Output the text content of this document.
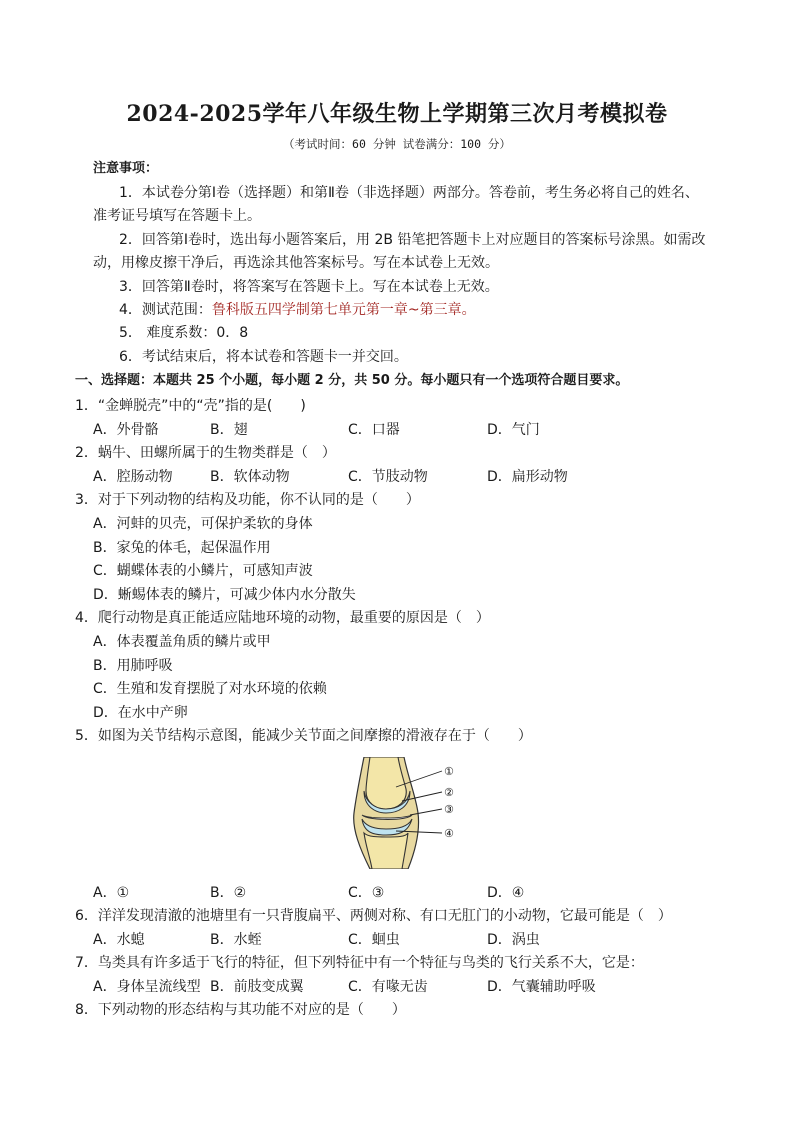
2024-2025学年八年级生物上学期第三次月考模拟卷
（考试时间：60 分钟 试卷满分：100 分）
注意事项：
1．本试卷分第Ⅰ卷（选择题）和第Ⅱ卷（非选择题）两部分。答卷前，考生务必将自己的姓名、
准考证号填写在答题卡上。
2．回答第Ⅰ卷时，选出每小题答案后，用 2B 铅笔把答题卡上对应题目的答案标号涂黑。如需改
动，用橡皮擦干净后，再选涂其他答案标号。写在本试卷上无效。
3．回答第Ⅱ卷时，将答案写在答题卡上。写在本试卷上无效。
4．测试范围：鲁科版五四学制第七单元第一章~第三章。
5． 难度系数：0．8
6．考试结束后，将本试卷和答题卡一并交回。
一、选择题：本题共 25 个小题，每小题 2 分，共 50 分。每小题只有一个选项符合题目要求。
1．“金蝉脱壳”中的“壳”指的是(　　)
A．外骨骼	B．翅	C．口器	D．气门
2．蜗牛、田螺所属于的生物类群是（　）
A．腔肠动物	B．软体动物	C．节肢动物	D．扁形动物
3．对于下列动物的结构及功能，你不认同的是（　　）
A．河蚌的贝壳，可保护柔软的身体
B．家兔的体毛，起保温作用
C．蝴蝶体表的小鳞片，可感知声波
D．蜥蜴体表的鳞片，可减少体内水分散失
4．爬行动物是真正能适应陆地环境的动物，最重要的原因是（　）
A．体表覆盖角质的鳞片或甲
B．用肺呼吸
C．生殖和发育摆脱了对水环境的依赖
D．在水中产卵
5．如图为关节结构示意图，能减少关节面之间摩擦的滑液存在于（　　）
①
②
③
④
A．①	B．②	C．③	D．④
6．洋洋发现清澈的池塘里有一只背腹扁平、两侧对称、有口无肛门的小动物，它最可能是（　）
A．水螅	B．水蛭	C．蛔虫	D．涡虫
7．鸟类具有许多适于飞行的特征，但下列特征中有一个特征与鸟类的飞行关系不大，它是：
A．身体呈流线型 B．前肢变成翼	C．有喙无齿	D．气囊辅助呼吸
8．下列动物的形态结构与其功能不对应的是（　　）
